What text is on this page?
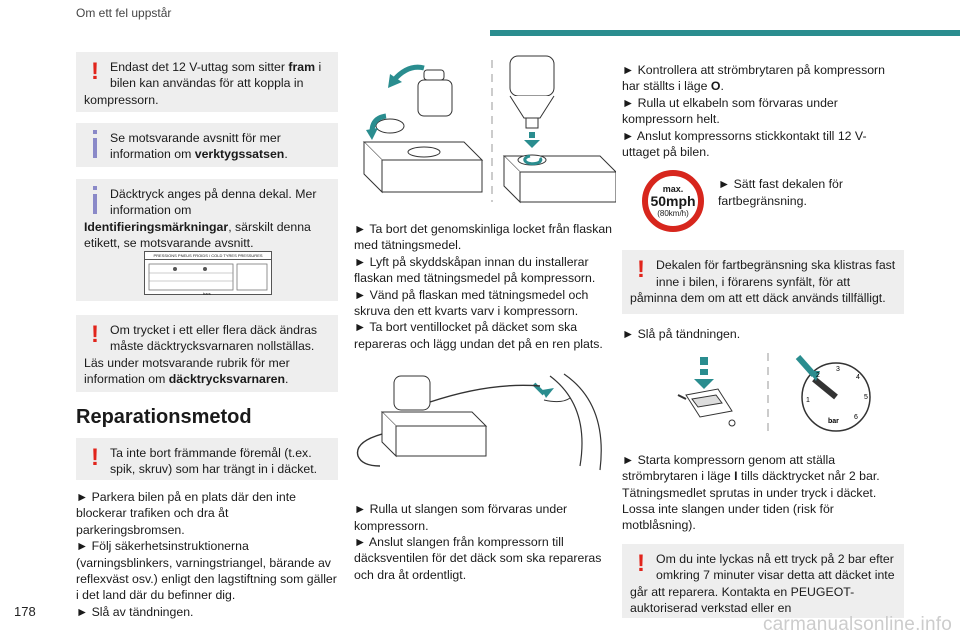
Om ett fel uppstår
! Endast det 12 V-uttag som sitter fram i bilen kan användas för att koppla in kompressorn.
Se motsvarande avsnitt för mer information om verktygssatsen.
Däcktryck anges på denna dekal. Mer information om Identifieringsmärkningar, särskilt denna etikett, se motsvarande avsnitt.
PRESSIONS PNEUS FROIDS / COLD TYRES PRESSURES
bars
! Om trycket i ett eller flera däck ändras måste däcktrycksvarnaren nollställas. Läs under motsvarande rubrik för mer information om däcktrycksvarnaren.
Reparationsmetod
! Ta inte bort främmande föremål (t.ex. spik, skruv) som har trängt in i däcket.

► Parkera bilen på en plats där den inte blockerar trafiken och dra åt parkeringsbromsen.

► Följ säkerhetsinstruktionerna (varningsblinkers, varningstriangel, bärande av reflexväst osv.) enligt den lagstiftning som gäller i det land där du befinner dig.

► Slå av tändningen.

► Ta bort det genomskinliga locket från flaskan med tätningsmedel.

► Lyft på skyddskåpan innan du installerar flaskan med tätningsmedel på kompressorn.

► Vänd på flaskan med tätningsmedel och skruva den ett kvarts varv i kompressorn.

► Ta bort ventillocket på däcket som ska repareras och lägg undan det på en ren plats.

► Rulla ut slangen som förvaras under kompressorn.

► Anslut slangen från kompressorn till däcksventilen för det däck som ska repareras och dra åt ordentligt.

► Kontrollera att strömbrytaren på kompressorn har ställts i läge O.

► Rulla ut elkabeln som förvaras under kompressorn helt.

► Anslut kompressorns stickkontakt till 12 V-uttaget på bilen.

max.
50mph
(80km/h)

► Sätt fast dekalen för fartbegränsning.

! Dekalen för fartbegränsning ska klistras fast inne i bilen, i förarens synfält, för att påminna dem om att ett däck används tillfälligt.

► Slå på tändningen.

1
2
3
4
5
6
bar

► Starta kompressorn genom att ställa strömbrytaren i läge I tills däcktrycket når 2 bar. Tätningsmedlet sprutas in under tryck i däcket. Lossa inte slangen under tiden (risk för motblåsning).

! Om du inte lyckas nå ett tryck på 2 bar efter omkring 7 minuter visar detta att däcket inte går att reparera. Kontakta en PEUGEOT-auktoriserad verkstad eller en
178
carmanualsonline.info
